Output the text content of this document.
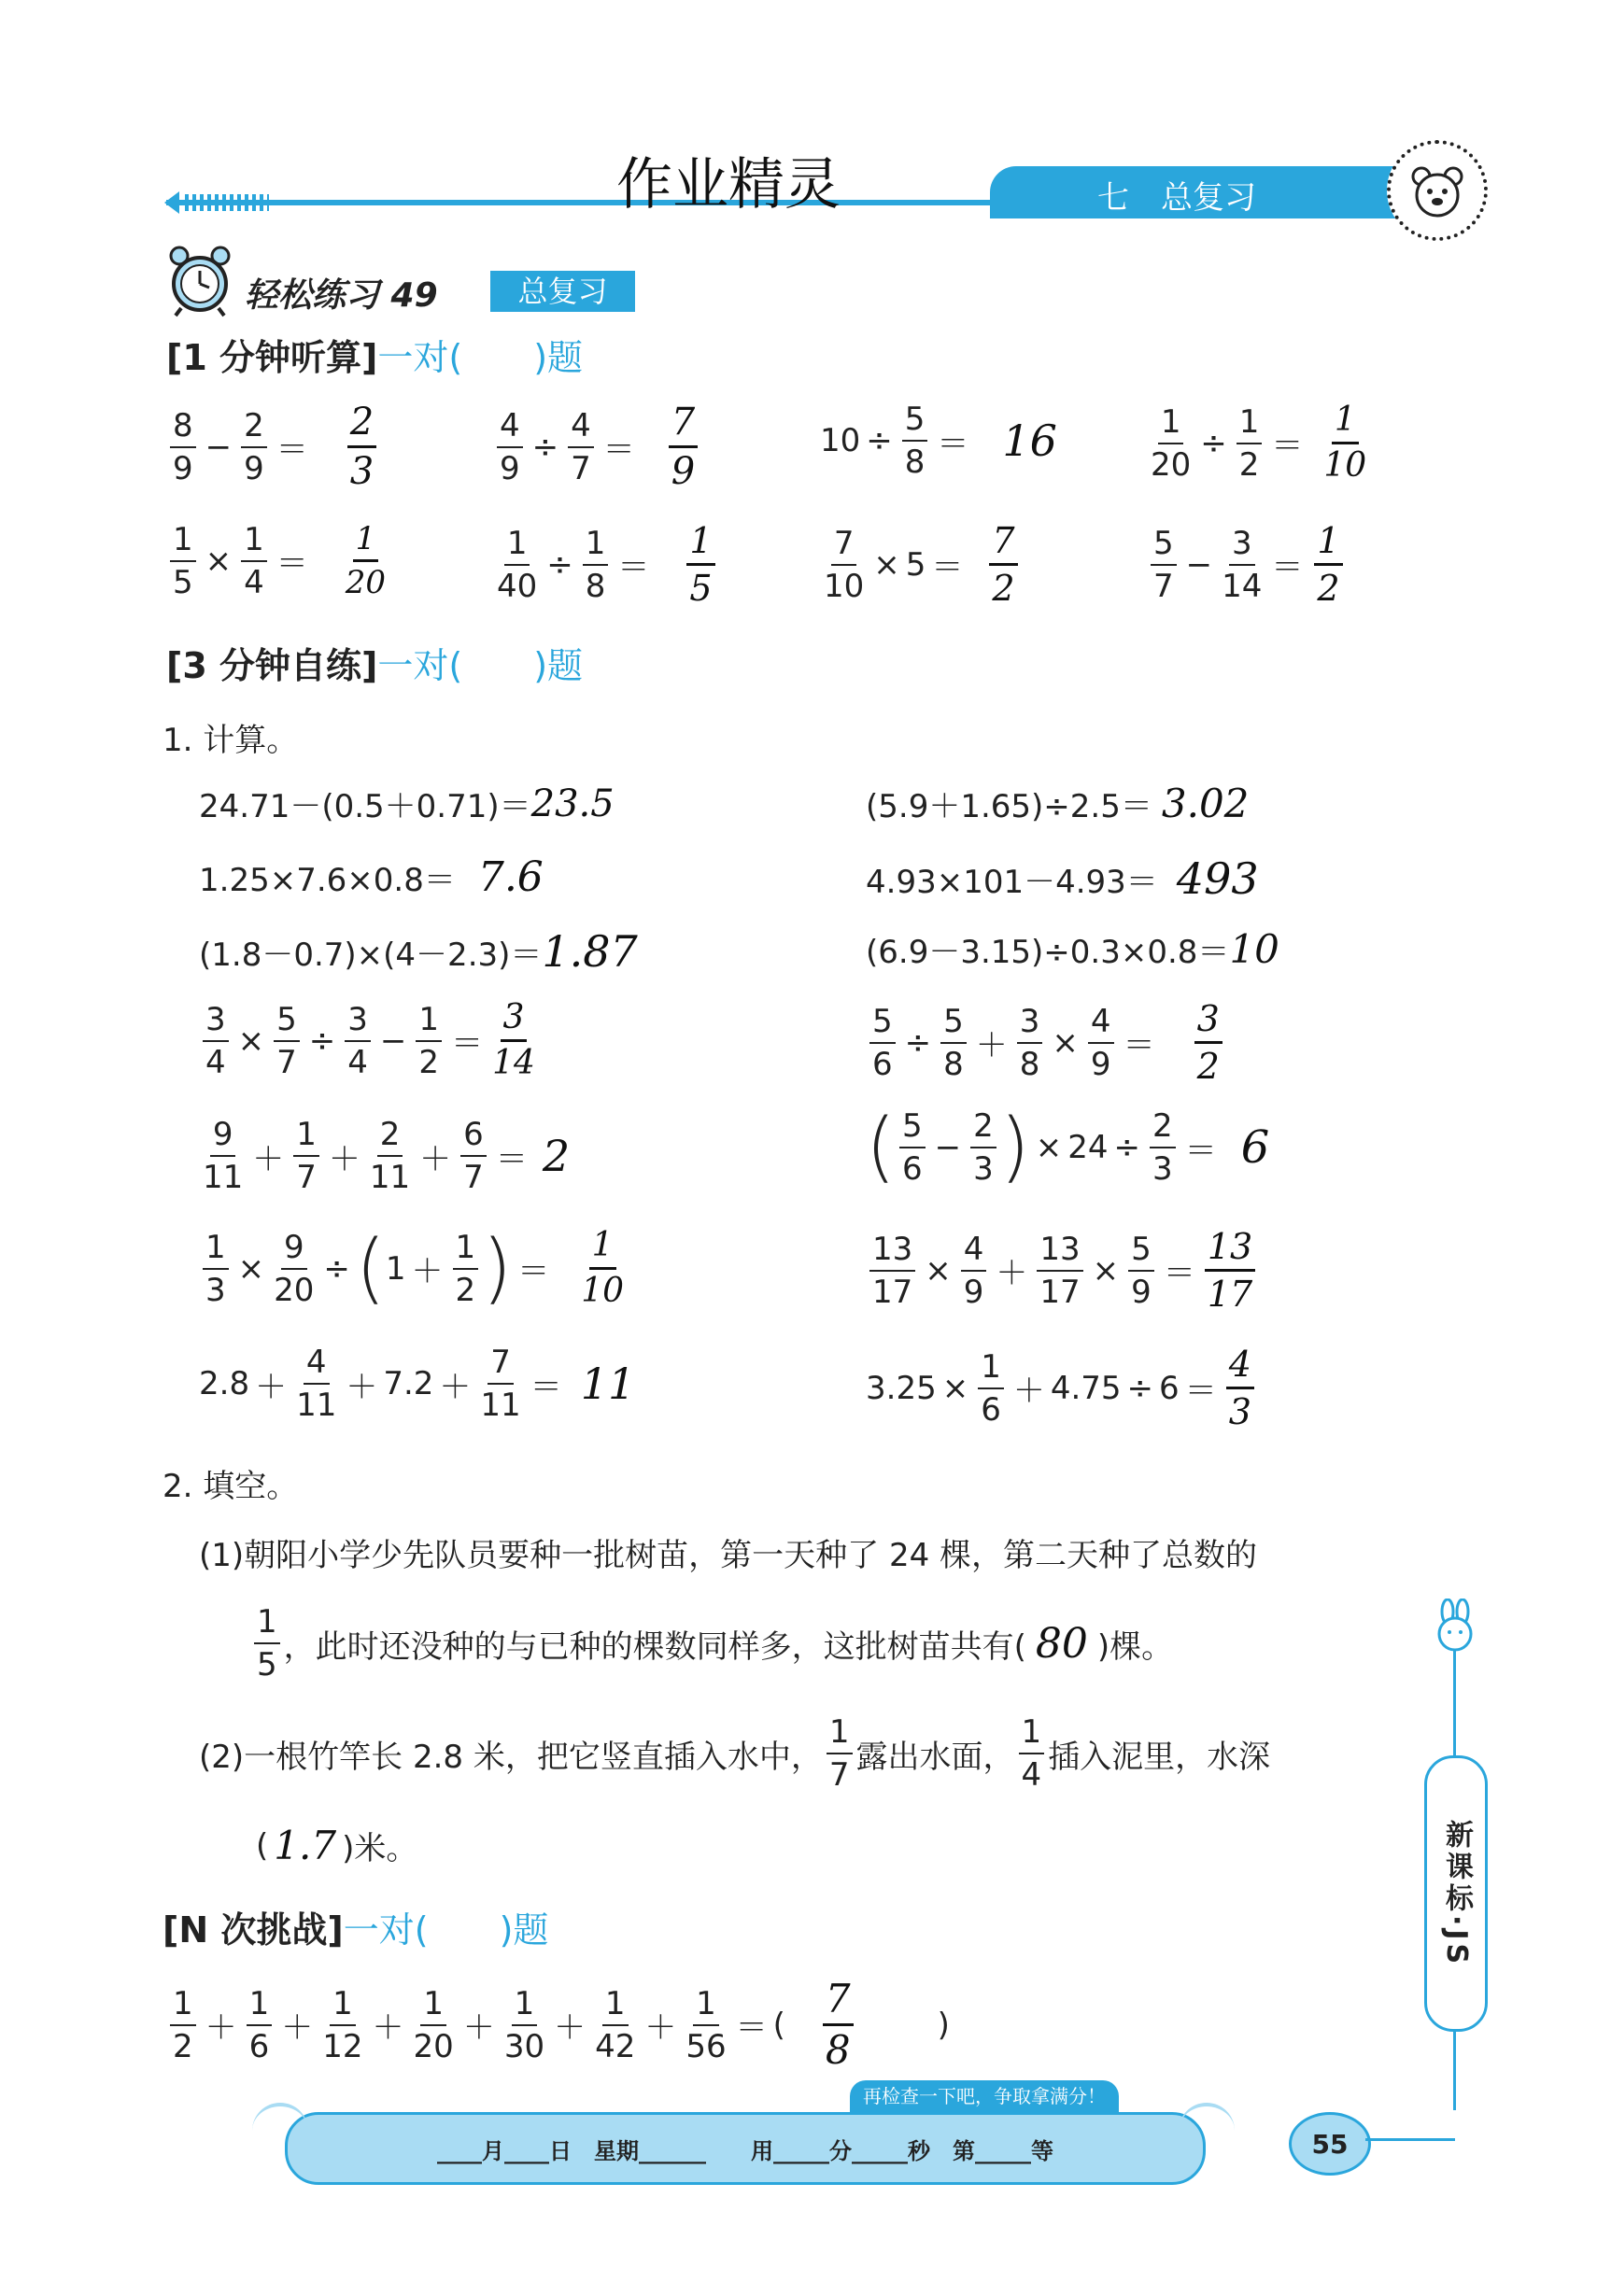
作业精灵	七　总复习
轻松练习 49	总复习
[1 分钟听算]一对(　　)题
$\frac{8}{9} - \frac{2}{9} = \frac{2}{3}$	$\frac{4}{9} \div \frac{4}{7} = \frac{7}{9}$	$10 \div \frac{5}{8} = 16$	$\frac{1}{20} \div \frac{1}{2} = \frac{1}{10}$
$\frac{1}{5} \times \frac{1}{4} = \frac{1}{20}$	$\frac{1}{40} \div \frac{1}{8} = \frac{1}{5}$	$\frac{7}{10} \times 5 = \frac{7}{2}$	$\frac{5}{7} - \frac{3}{14} = \frac{1}{2}$
[3 分钟自练]一对(　　)题
1. 计算。
24.71－(0.5＋0.71)＝ 23.5
1.25×7.6×0.8＝ 7.6
(1.8－0.7)×(4－2.3)＝ 1.87
(5.9＋1.65)÷2.5＝ 3.02
4.93×101－4.93＝ 493
(6.9－3.15)÷0.3×0.8＝ 10
$\frac{3}{4} \times \frac{5}{7} \div \frac{3}{4} - \frac{1}{2} = \frac{3}{14}$
$\frac{9}{11} + \frac{1}{7} + \frac{2}{11} + \frac{6}{7} = 2$
$\frac{1}{3} \times \frac{9}{20}$ ÷ ( $1 + \frac{1}{2}$ ) ＝ $\frac{1}{10}$
$2.8 + \frac{4}{11} + 7.2 + \frac{7}{11} = 11$
$\frac{5}{6} \div \frac{5}{8} + \frac{3}{8} \times \frac{4}{9} = \frac{3}{2}$
( $\frac{5}{6} - \frac{2}{3}$ ) × $24 \div \frac{2}{3} = 6$
$\frac{13}{17} \times \frac{4}{9} + \frac{13}{17} \times \frac{5}{9} = \frac{13}{17}$
$3.25 \times \frac{1}{6} + 4.75 \div 6 = \frac{4}{3}$
2. 填空。
(1)朝阳小学少先队员要种一批树苗，第一天种了 24 棵，第二天种了总数的
$\frac{1}{5}$ ，此时还没种的与已种的棵数同样多，这批树苗共有( 80 )棵。
(2)一根竹竿长 2.8 米，把它竖直插入水中， $\frac{1}{7}$ 露出水面， $\frac{1}{4}$ 插入泥里，水深
( 1.7 )米。
[N 次挑战]一对(　　)题
$\frac{1}{2} + \frac{1}{6} + \frac{1}{12} + \frac{1}{20} + \frac{1}{30} + \frac{1}{42} + \frac{1}{56}$ ＝ ( $\frac{7}{8}$	)
新课标·JS
再检查一下吧，争取拿满分！
____月____日　星期______　　用_____分_____秒　第_____等	55
